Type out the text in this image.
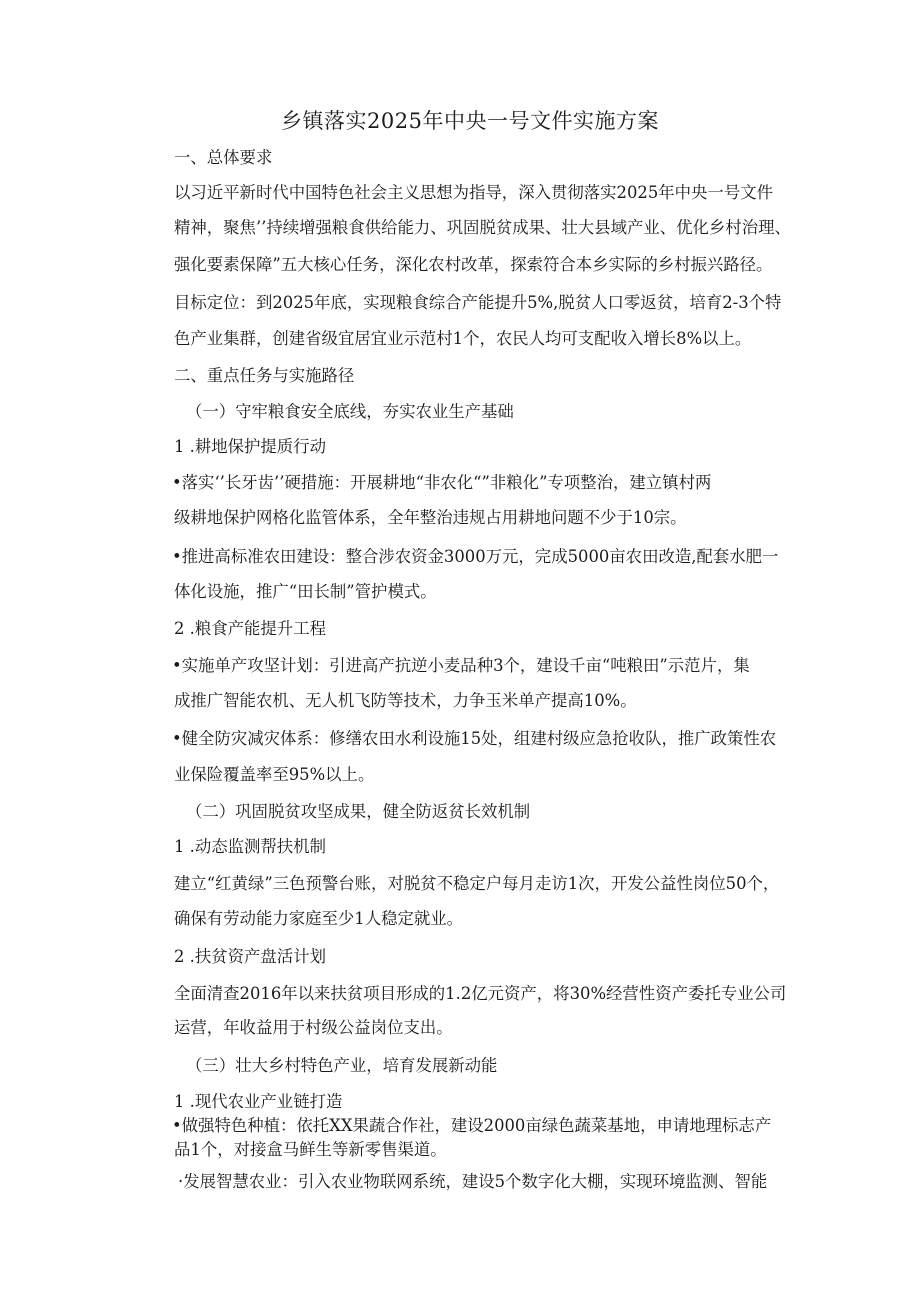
乡镇落实2025年中央一号文件实施方案
一、总体要求
以习近平新时代中国特色社会主义思想为指导，深入贯彻落实2025年中央一号文件
精神，聚焦’’持续增强粮食供给能力、巩固脱贫成果、壮大县域产业、优化乡村治理、
强化要素保障”五大核心任务，深化农村改革，探索符合本乡实际的乡村振兴路径。
目标定位：到2025年底，实现粮食综合产能提升5%,脱贫人口零返贫，培育2-3个特
色产业集群，创建省级宜居宜业示范村1个，农民人均可支配收入增长8%以上。
二、重点任务与实施路径
（一）守牢粮食安全底线，夯实农业生产基础
1 .耕地保护提质行动
•落实‘’长牙齿’’硬措施：开展耕地“非农化“”非粮化”专项整治，建立镇村两
级耕地保护网格化监管体系，全年整治违规占用耕地问题不少于10宗。
•推进高标准农田建设：整合涉农资金3000万元，完成5000亩农田改造,配套水肥一
体化设施，推广“田长制”管护模式。
2 .粮食产能提升工程
•实施单产攻坚计划：引进高产抗逆小麦品种3个，建设千亩“吨粮田”示范片，集
成推广智能农机、无人机飞防等技术，力争玉米单产提高10%。
•健全防灾减灾体系：修缮农田水利设施15处，组建村级应急抢收队，推广政策性农
业保险覆盖率至95%以上。
（二）巩固脱贫攻坚成果，健全防返贫长效机制
1 .动态监测帮扶机制
建立“红黄绿”三色预警台账，对脱贫不稳定户每月走访1次，开发公益性岗位50个，
确保有劳动能力家庭至少1人稳定就业。
2 .扶贫资产盘活计划
全面清查2016年以来扶贫项目形成的1.2亿元资产，将30%经营性资产委托专业公司
运营，年收益用于村级公益岗位支出。
（三）壮大乡村特色产业，培育发展新动能
1 .现代农业产业链打造
•做强特色种植：依托XX果蔬合作社，建设2000亩绿色蔬菜基地，申请地理标志产
品1个，对接盒马鲜生等新零售渠道。
·发展智慧农业：引入农业物联网系统，建设5个数字化大棚，实现环境监测、智能
